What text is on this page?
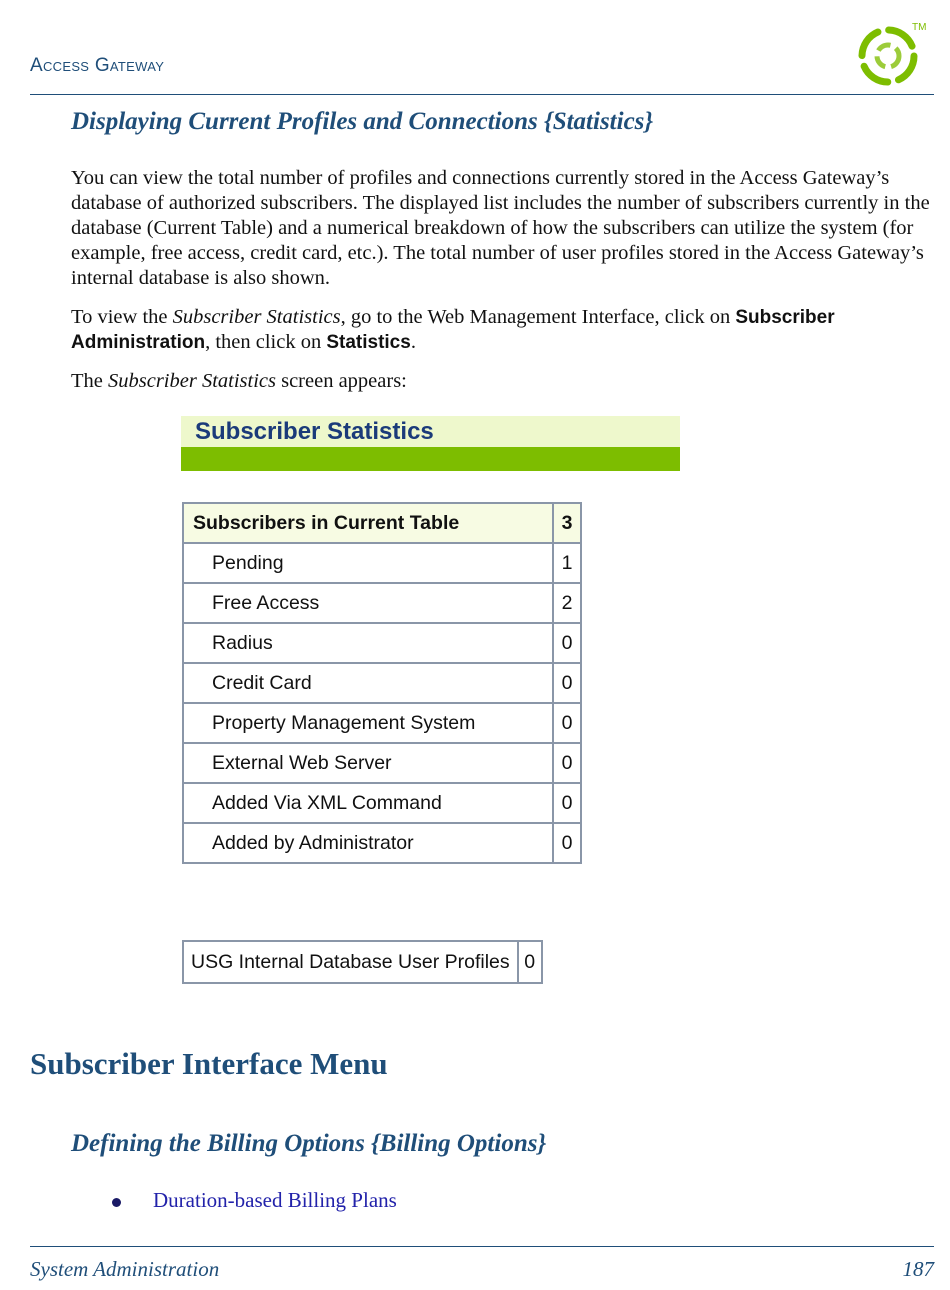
Access Gateway
TM
Displaying Current Profiles and Connections {Statistics}

You can view the total number of profiles and connections currently stored in the Access Gateway’s database of authorized subscribers. The displayed list includes the number of subscribers currently in the database (Current Table) and a numerical breakdown of how the subscribers can utilize the system (for example, free access, credit card, etc.). The total number of user profiles stored in the Access Gateway’s internal database is also shown.

To view the Subscriber Statistics, go to the Web Management Interface, click on Subscriber Administration, then click on Statistics.

The Subscriber Statistics screen appears:

Subscriber Statistics
Subscribers in Current Table	3
Pending	1
Free Access	2
Radius	0
Credit Card	0
Property Management System	0
External Web Server	0
Added Via XML Command	0
Added by Administrator	0
USG Internal Database User Profiles	0
Subscriber Interface Menu
Defining the Billing Options {Billing Options}
Duration-based Billing Plans
System Administration	187
